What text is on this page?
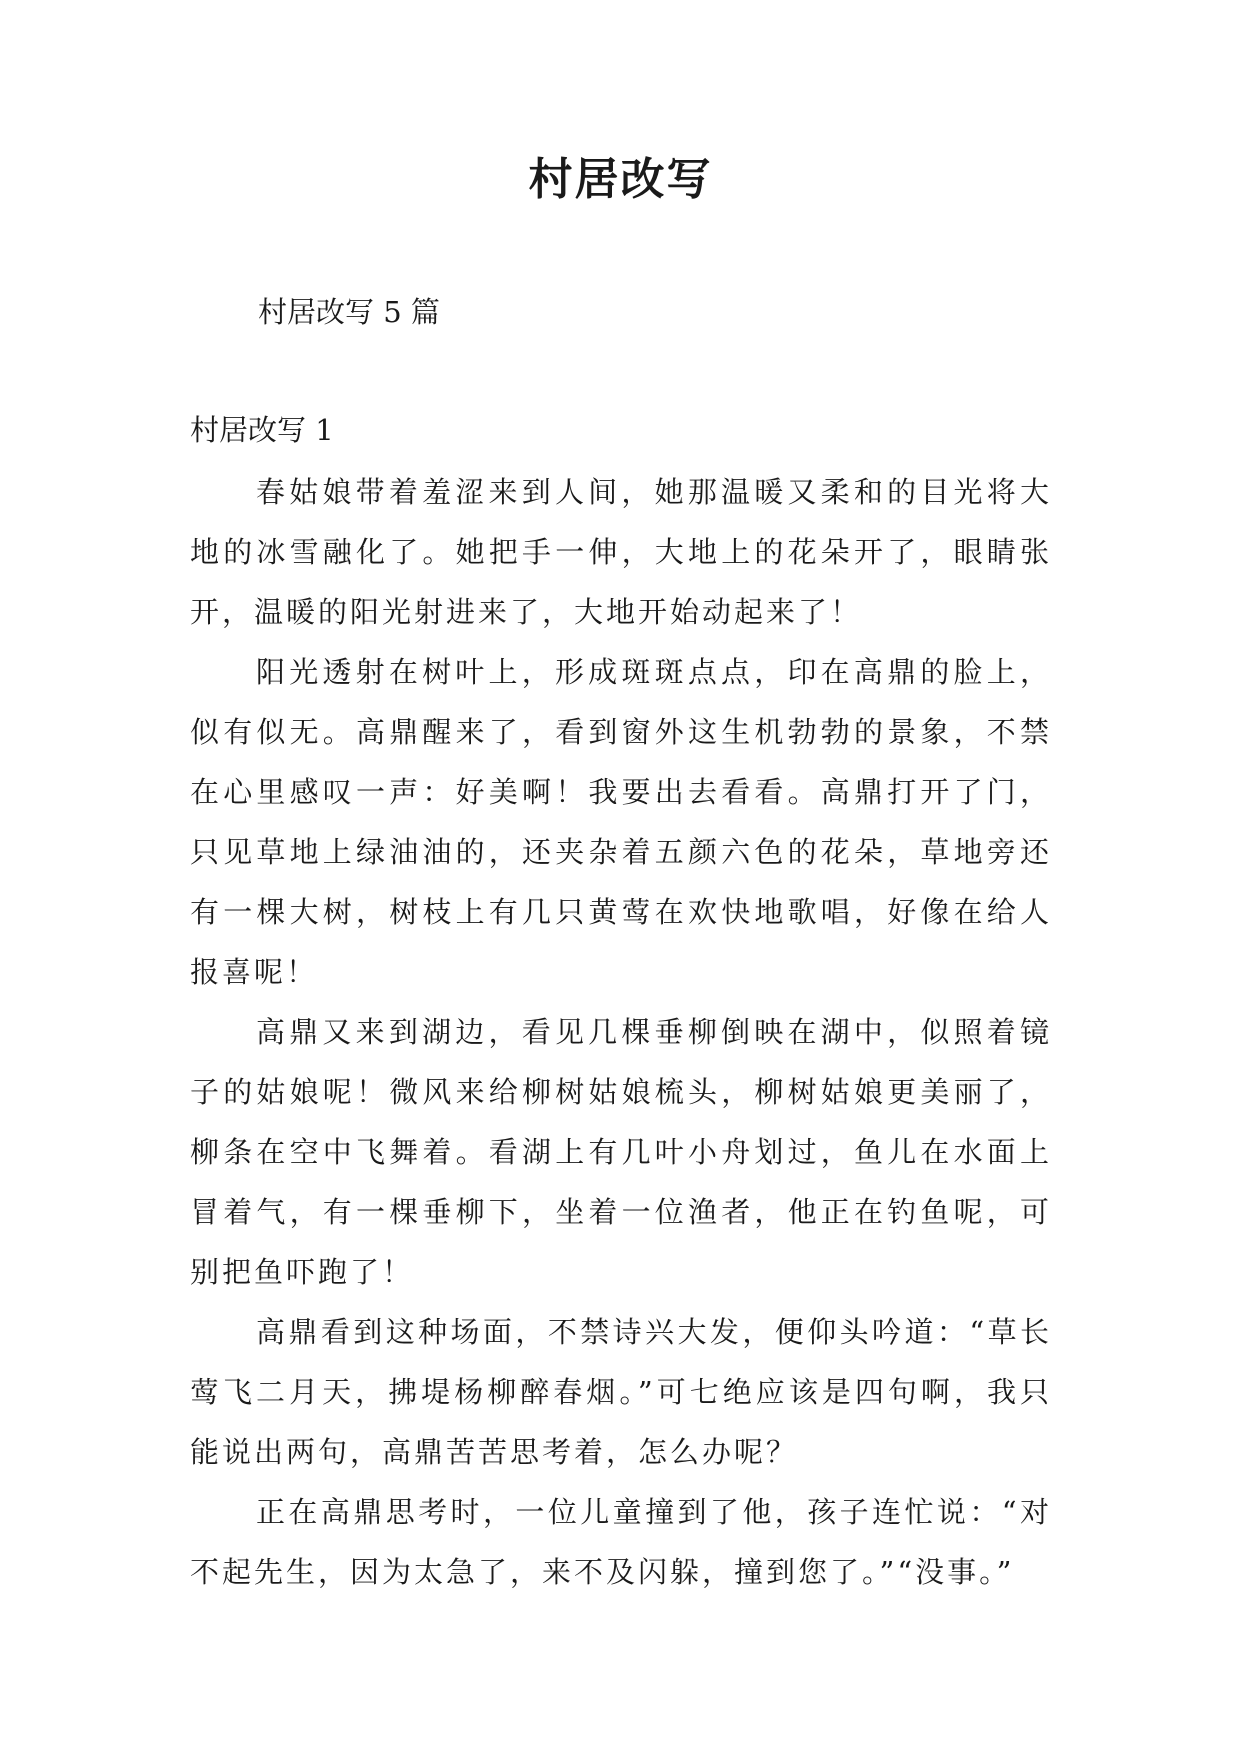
村居改写

村居改写 5 篇

村居改写 1

春姑娘带着羞涩来到人间，她那温暖又柔和的目光将大地的冰雪融化了。她把手一伸，大地上的花朵开了，眼睛张开，温暖的阳光射进来了，大地开始动起来了！

阳光透射在树叶上，形成斑斑点点，印在高鼎的脸上，似有似无。高鼎醒来了，看到窗外这生机勃勃的景象，不禁在心里感叹一声：好美啊！我要出去看看。高鼎打开了门，只见草地上绿油油的，还夹杂着五颜六色的花朵，草地旁还有一棵大树，树枝上有几只黄莺在欢快地歌唱，好像在给人报喜呢！

高鼎又来到湖边，看见几棵垂柳倒映在湖中，似照着镜子的姑娘呢！微风来给柳树姑娘梳头，柳树姑娘更美丽了，柳条在空中飞舞着。看湖上有几叶小舟划过，鱼儿在水面上冒着气，有一棵垂柳下，坐着一位渔者，他正在钓鱼呢，可别把鱼吓跑了！

高鼎看到这种场面，不禁诗兴大发，便仰头吟道：“草长莺飞二月天，拂堤杨柳醉春烟。”可七绝应该是四句啊，我只能说出两句，高鼎苦苦思考着，怎么办呢？

正在高鼎思考时，一位儿童撞到了他，孩子连忙说：“对不起先生，因为太急了，来不及闪躲，撞到您了。”“没事。”
